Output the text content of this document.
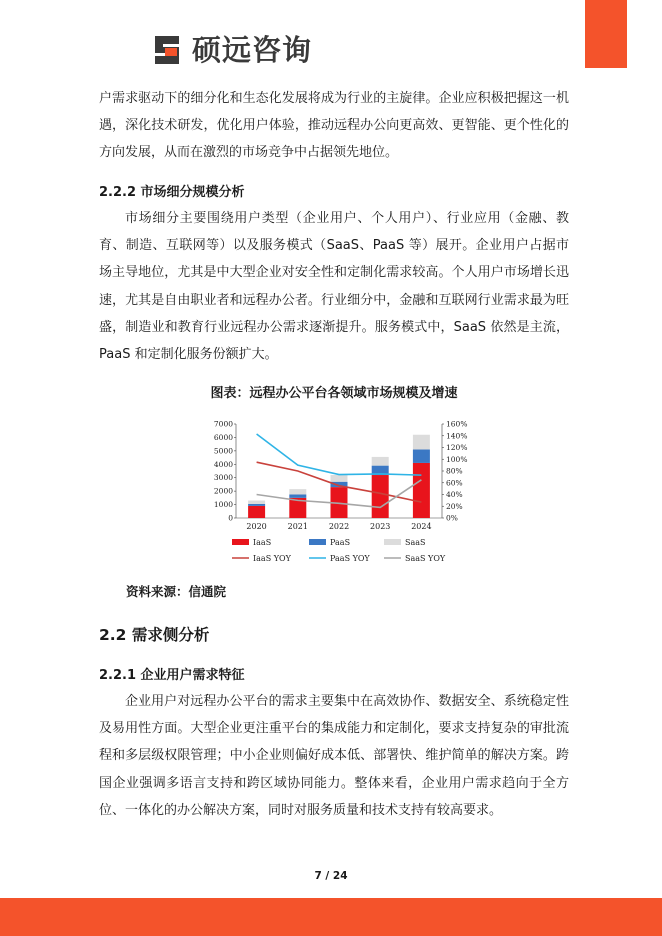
硕远咨询

户需求驱动下的细分化和生态化发展将成为行业的主旋律。企业应积极把握这一机遇，深化技术研发，优化用户体验，推动远程办公向更高效、更智能、更个性化的方向发展，从而在激烈的市场竞争中占据领先地位。

2.2.2 市场细分规模分析

市场细分主要围绕用户类型（企业用户、个人用户）、行业应用（金融、教育、制造、互联网等）以及服务模式（SaaS、PaaS 等）展开。企业用户占据市场主导地位，尤其是中大型企业对安全性和定制化需求较高。个人用户市场增长迅速，尤其是自由职业者和远程办公者。行业细分中，金融和互联网行业需求最为旺盛，制造业和教育行业远程办公需求逐渐提升。服务模式中，SaaS 依然是主流，PaaS 和定制化服务份额扩大。

图表：远程办公平台各领域市场规模及增速
0
1000
2000
3000
4000
5000
6000
7000
0%
20%
40%
60%
80%
100%
120%
140%
160%
2020	2021	2022	2023	2024
IaaS	PaaS	SaaS
IaaS YOY	PaaS YOY	SaaS YOY
资料来源：信通院
2.2 需求侧分析
2.2.1 企业用户需求特征

企业用户对远程办公平台的需求主要集中在高效协作、数据安全、系统稳定性及易用性方面。大型企业更注重平台的集成能力和定制化，要求支持复杂的审批流程和多层级权限管理；中小企业则偏好成本低、部署快、维护简单的解决方案。跨国企业强调多语言支持和跨区域协同能力。整体来看，企业用户需求趋向于全方位、一体化的办公解决方案，同时对服务质量和技术支持有较高要求。

7 / 24
